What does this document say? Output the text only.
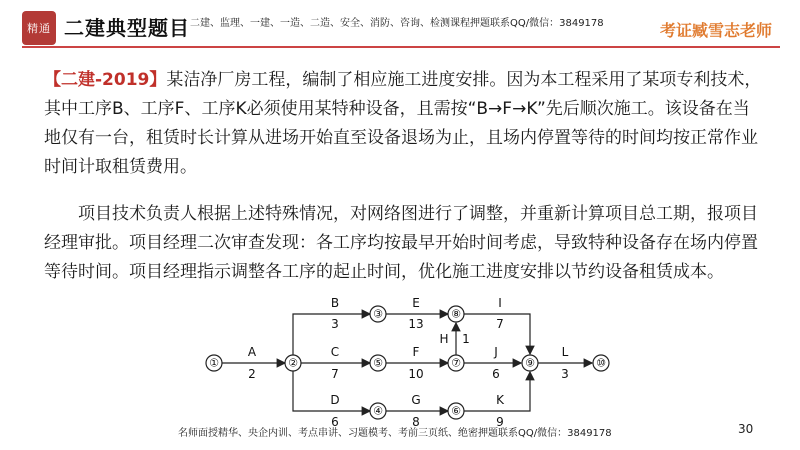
精通 二建典型题目 二建、监理、一建、一造、二造、安全、消防、咨询、检测课程押题联系QQ/微信：3849178	考证臧雪志老师
【二建-2019】某洁净厂房工程，编制了相应施工进度安排。因为本工程采用了某项专利技术，其中工序B、工序F、工序K必须使用某特种设备，且需按“B→F→K”先后顺次施工。该设备在当地仅有一台，租赁时长计算从进场开始直至设备退场为止，且场内停置等待的时间均按正常作业时间计取租赁费用。
项目技术负责人根据上述特殊情况，对网络图进行了调整，并重新计算项目总工期，报项目经理审批。项目经理二次审查发现：各工序均按最早开始时间考虑，导致特种设备存在场内停置等待时间。项目经理指示调整各工序的起止时间，优化施工进度安排以节约设备租赁成本。
A
2
B
3
C
7
D
6
E
13
F
10
G
8
H 1
I
7
J
6
K
9
L
3
①	②
③
④
⑤
⑥
⑦
⑧
⑨	⑩
名师面授精华、央企内训、考点串讲、习题模考、考前三页纸、绝密押题联系QQ/微信：3849178	30
